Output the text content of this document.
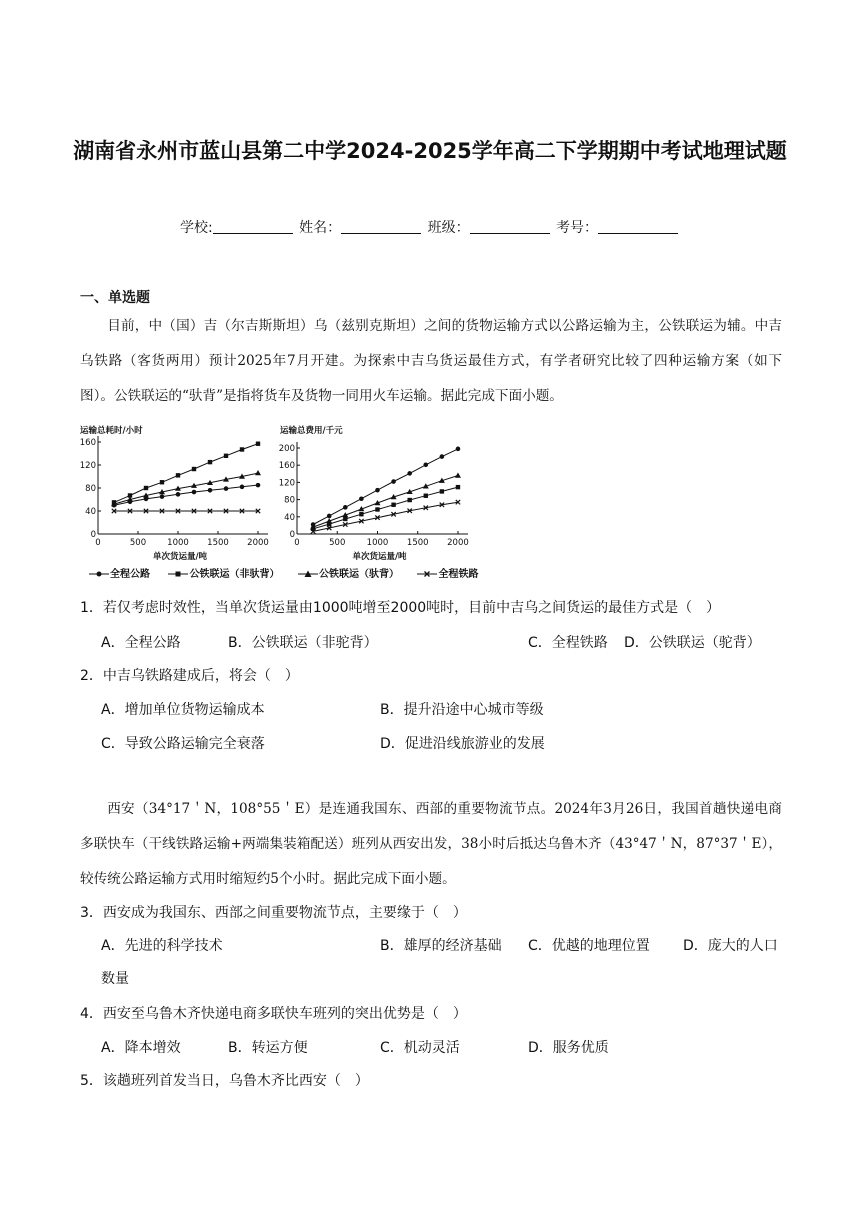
湖南省永州市蓝山县第二中学2024-2025学年高二下学期期中考试地理试题
学校:	姓名：	班级：	考号：
一、单选题
目前，中（国）吉（尔吉斯斯坦）乌（兹别克斯坦）之间的货物运输方式以公路运输为主，公铁联运为辅。中吉乌铁路（客货两用）预计2025年7月开建。为探索中吉乌货运最佳方式，有学者研究比较了四种运输方案（如下图）。公铁联运的“驮背”是指将货车及货物一同用火车运输。据此完成下面小题。
运输总耗时/小时
0
40
80
120
160
0	500 1000 1500 2000
单次货运量/吨
运输总费用/千元
0
40
80
120
160
200
0	500	1000 1500 2000
单次货运量/吨
全程公路	公铁联运（非驮背）	公铁联运（驮背）	全程铁路
1．若仅考虑时效性，当单次货运量由1000吨增至2000吨时，目前中吉乌之间货运的最佳方式是（　）
A．全程公路	B．公铁联运（非驼背）	C．全程铁路 D．公铁联运（驼背）
2．中吉乌铁路建成后，将会（　）
A．增加单位货物运输成本	B．提升沿途中心城市等级
C．导致公路运输完全衰落	D．促进沿线旅游业的发展
西安（34°17＇N，108°55＇E）是连通我国东、西部的重要物流节点。2024年3月26日，我国首趟快递电商多联快车（干线铁路运输+两端集装箱配送）班列从西安出发，38小时后抵达乌鲁木齐（43°47＇N，87°37＇E），较传统公路运输方式用时缩短约5个小时。据此完成下面小题。
3．西安成为我国东、西部之间重要物流节点，主要缘于（　）
A．先进的科学技术	B．雄厚的经济基础 C．优越的地理位置 D．庞大的人口
数量
4．西安至乌鲁木齐快递电商多联快车班列的突出优势是（　）
A．降本增效	B．转运方便	C．机动灵活	D．服务优质
5．该趟班列首发当日，乌鲁木齐比西安（　）
